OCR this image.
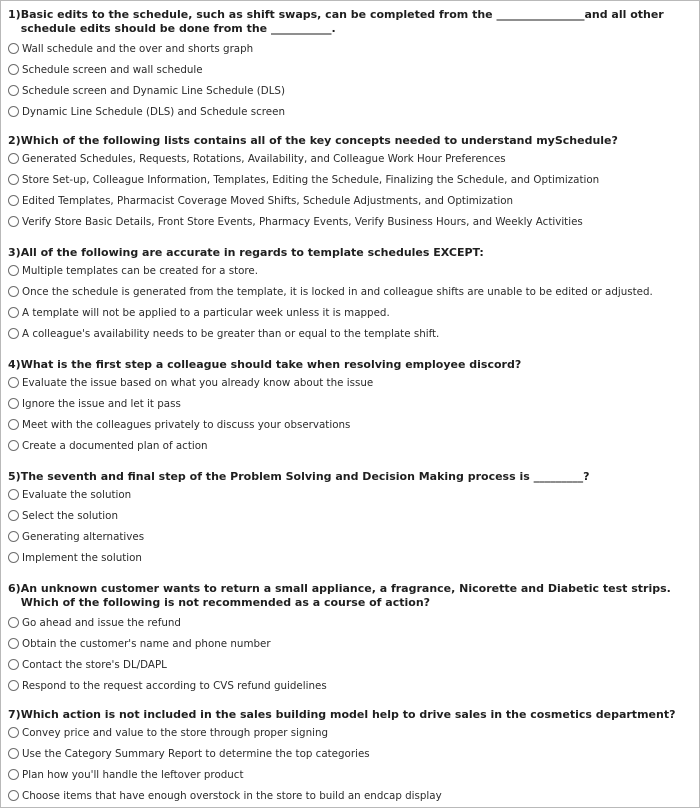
1) Basic edits to the schedule, such as shift swaps, can be completed from the ________________and all other schedule edits should be done from the ___________.
Wall schedule and the over and shorts graph
Schedule screen and wall schedule
Schedule screen and Dynamic Line Schedule (DLS)
Dynamic Line Schedule (DLS) and Schedule screen
2) Which of the following lists contains all of the key concepts needed to understand mySchedule?
Generated Schedules, Requests, Rotations, Availability, and Colleague Work Hour Preferences
Store Set-up, Colleague Information, Templates, Editing the Schedule, Finalizing the Schedule, and Optimization
Edited Templates, Pharmacist Coverage Moved Shifts, Schedule Adjustments, and Optimization
Verify Store Basic Details, Front Store Events, Pharmacy Events, Verify Business Hours, and Weekly Activities
3) All of the following are accurate in regards to template schedules EXCEPT:
Multiple templates can be created for a store.
Once the schedule is generated from the template, it is locked in and colleague shifts are unable to be edited or adjusted.
A template will not be applied to a particular week unless it is mapped.
A colleague's availability needs to be greater than or equal to the template shift.
4) What is the first step a colleague should take when resolving employee discord?
Evaluate the issue based on what you already know about the issue
Ignore the issue and let it pass
Meet with the colleagues privately to discuss your observations
Create a documented plan of action
5) The seventh and final step of the Problem Solving and Decision Making process is _________?
Evaluate the solution
Select the solution
Generating alternatives
Implement the solution
6) An unknown customer wants to return a small appliance, a fragrance, Nicorette and Diabetic test strips. Which of the following is not recommended as a course of action?
Go ahead and issue the refund
Obtain the customer's name and phone number
Contact the store's DL/DAPL
Respond to the request according to CVS refund guidelines
7) Which action is not included in the sales building model help to drive sales in the cosmetics department?
Convey price and value to the store through proper signing
Use the Category Summary Report to determine the top categories
Plan how you'll handle the leftover product
Choose items that have enough overstock in the store to build an endcap display
